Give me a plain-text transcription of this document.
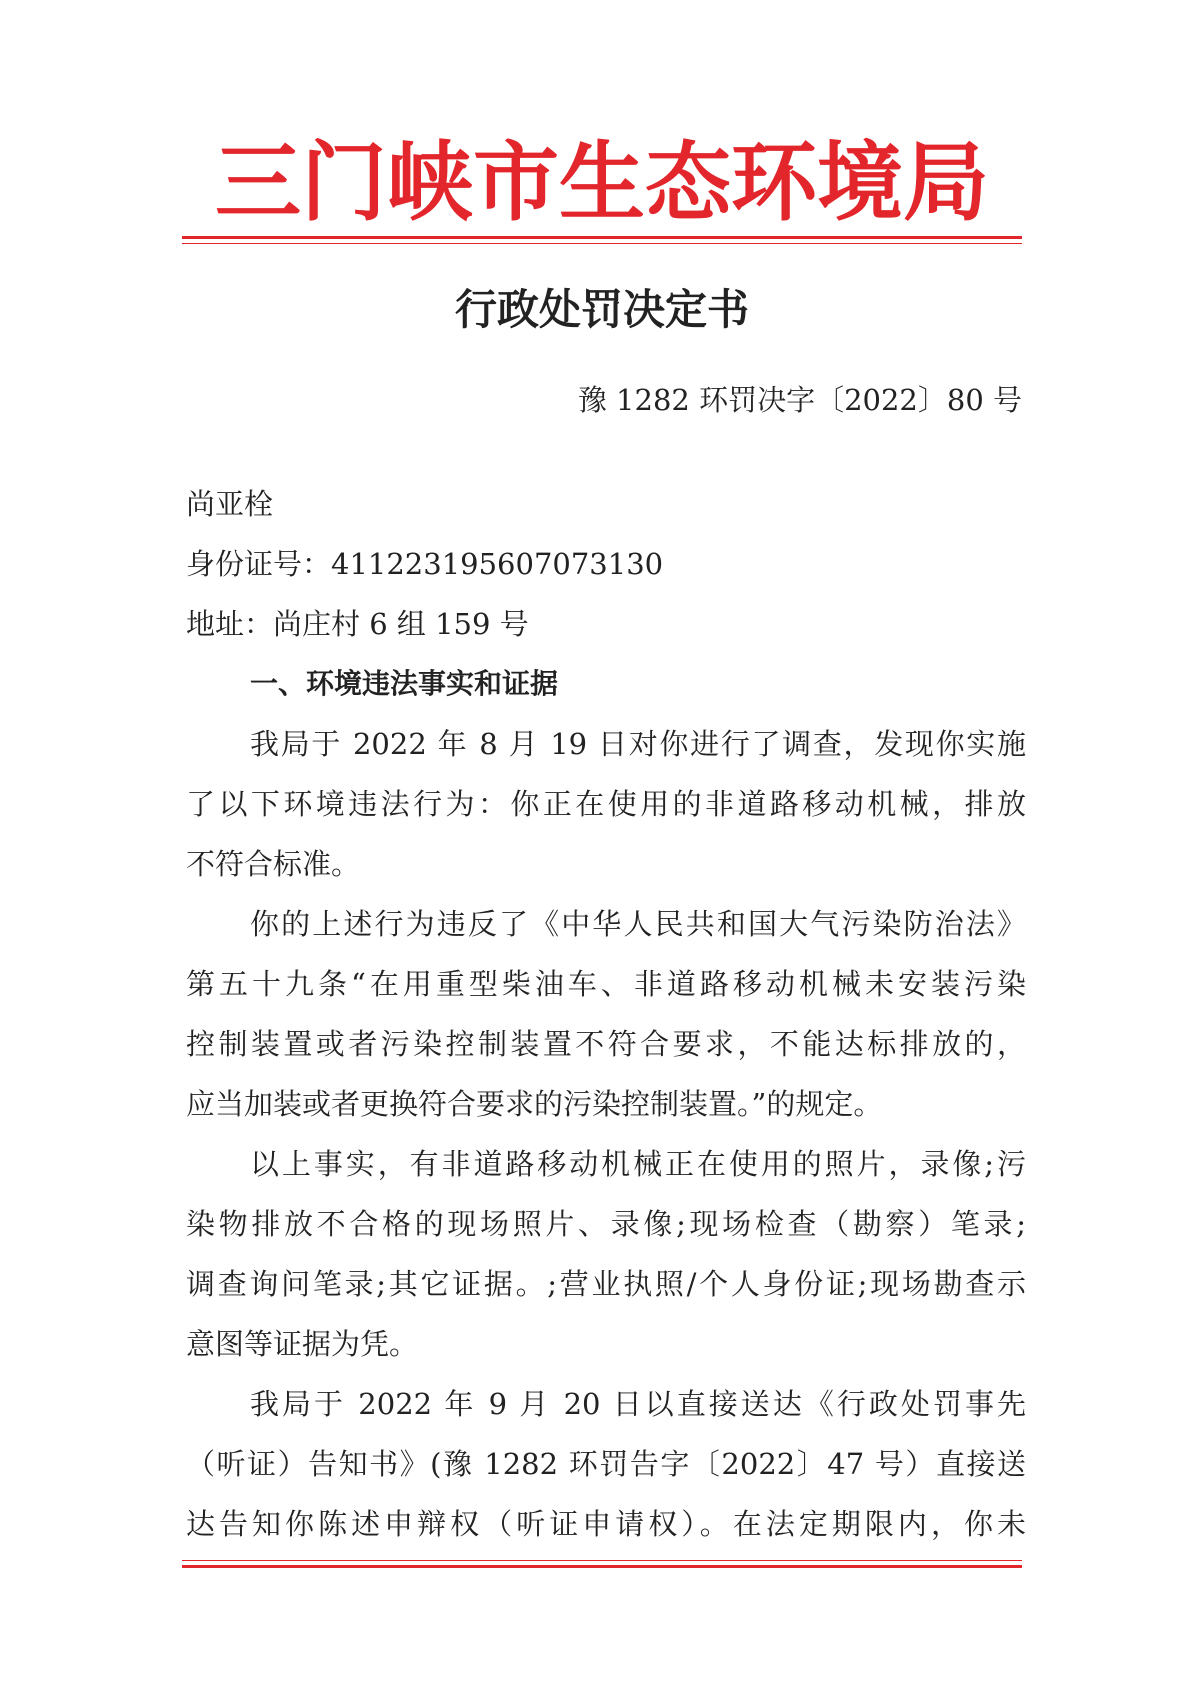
三门峡市生态环境局
行政处罚决定书
豫 1282 环罚决字〔2022〕80 号
尚亚栓
身份证号：411223195607073130
地址：尚庄村 6 组 159 号
一、环境违法事实和证据
我局于 2022 年 8 月 19 日对你进行了调查，发现你实施
了以下环境违法行为：你正在使用的非道路移动机械，排放
不符合标准。
你的上述行为违反了《中华人民共和国大气污染防治法》
第五十九条“在用重型柴油车、非道路移动机械未安装污染
控制装置或者污染控制装置不符合要求，不能达标排放的，
应当加装或者更换符合要求的污染控制装置。”的规定。
以上事实，有非道路移动机械正在使用的照片，录像;污
染物排放不合格的现场照片、录像;现场检查（勘察）笔录;
调查询问笔录;其它证据。;营业执照/个人身份证;现场勘查示
意图等证据为凭。
我局于 2022 年 9 月 20 日以直接送达《行政处罚事先
（听证）告知书》(豫 1282 环罚告字〔2022〕47 号）直接送
达告知你陈述申辩权（听证申请权）。在法定期限内，你未
